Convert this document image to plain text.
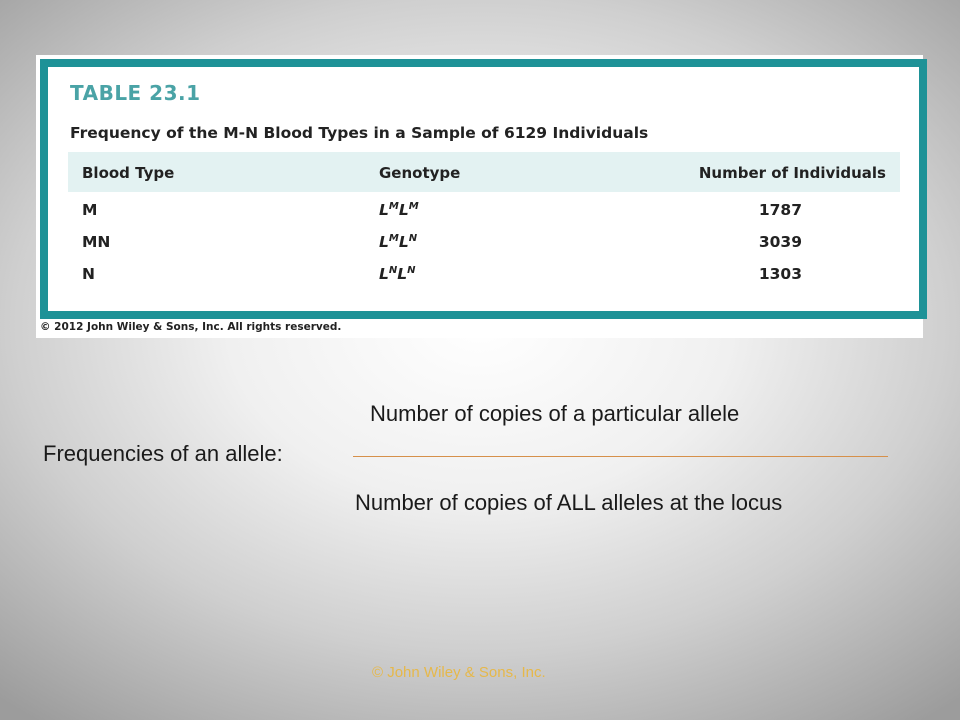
TABLE 23.1
Frequency of the M-N Blood Types in a Sample of 6129 Individuals
Blood Type	Genotype	Number of Individuals
M	$L^ML^M$	1787
MN	$L^ML^N$	3039
N	$L^NL^N$	1303
© 2012 John Wiley & Sons, Inc. All rights reserved.
Number of copies of a particular allele
Frequencies of an allele:
Number of copies of ALL alleles at the locus
© John Wiley & Sons, Inc.
